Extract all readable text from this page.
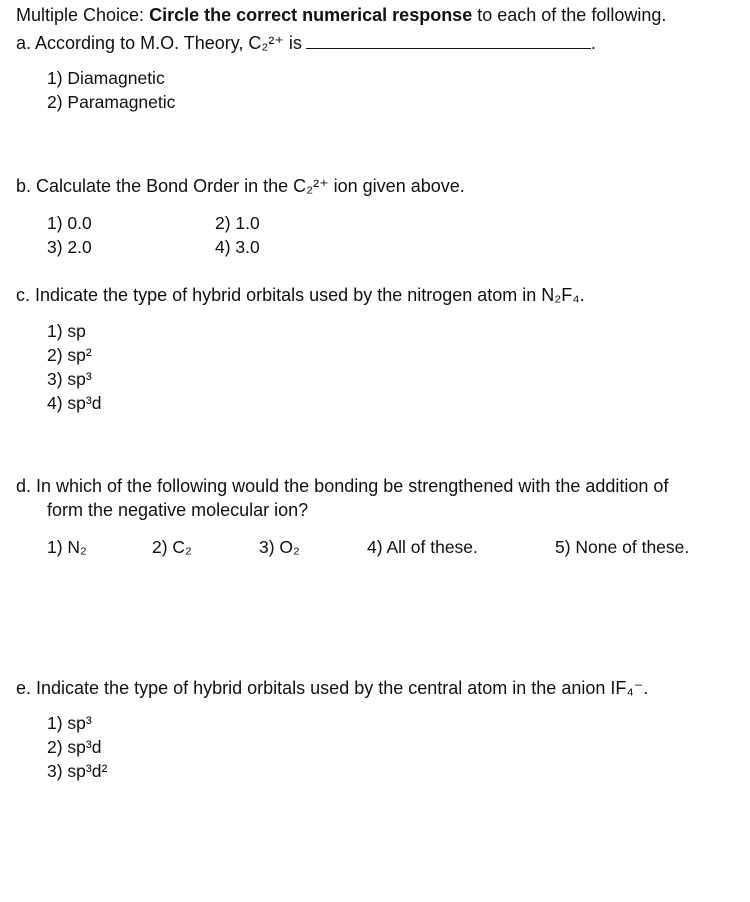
Multiple Choice: Circle the correct numerical response to each of the following.
a. According to M.O. Theory, C₂²⁺ is	.
1) Diamagnetic
2) Paramagnetic
b. Calculate the Bond Order in the C₂²⁺ ion given above.
1) 0.0	2) 1.0
3) 2.0	4) 3.0
c. Indicate the type of hybrid orbitals used by the nitrogen atom in N₂F₄.
1) sp
2) sp²
3) sp³
4) sp³d
d. In which of the following would the bonding be strengthened with the addition of
form the negative molecular ion?
1) N₂	2) C₂	3) O₂	4) All of these.	5) None of these.
e. Indicate the type of hybrid orbitals used by the central atom in the anion IF₄⁻.
1) sp³
2) sp³d
3) sp³d²
